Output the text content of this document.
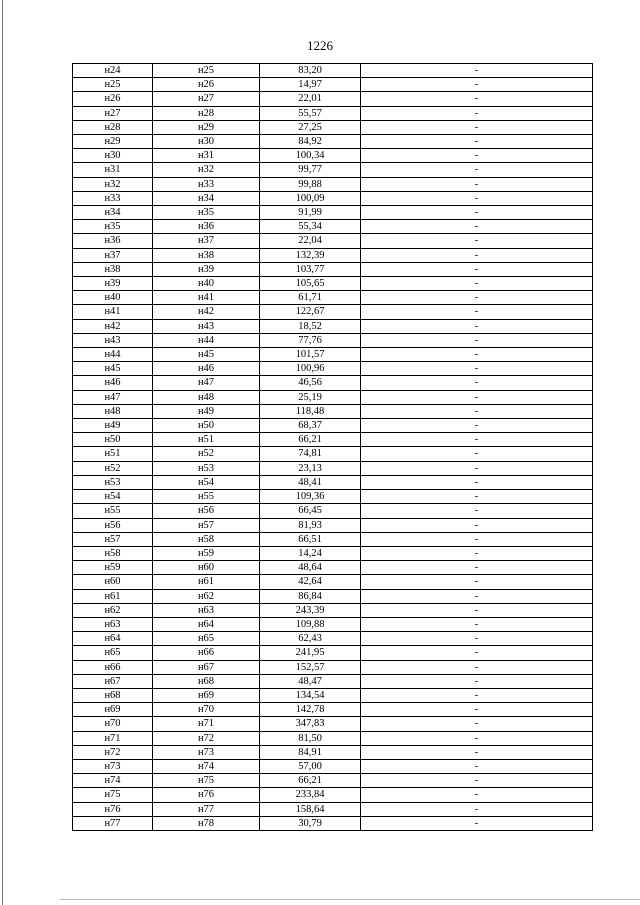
1226
н24	н25	83,20	-
н25	н26	14,97	-
н26	н27	22,01	-
н27	н28	55,57	-
н28	н29	27,25	-
н29	н30	84,92	-
н30	н31	100,34	-
н31	н32	99,77	-
н32	н33	99,88	-
н33	н34	100,09	-
н34	н35	91,99	-
н35	н36	55,34	-
н36	н37	22,04	-
н37	н38	132,39	-
н38	н39	103,77	-
н39	н40	105,65	-
н40	н41	61,71	-
н41	н42	122,67	-
н42	н43	18,52	-
н43	н44	77,76	-
н44	н45	101,57	-
н45	н46	100,96	-
н46	н47	46,56	-
н47	н48	25,19	-
н48	н49	118,48	-
н49	н50	68,37	-
н50	н51	66,21	-
н51	н52	74,81	-
н52	н53	23,13	-
н53	н54	48,41	-
н54	н55	109,36	-
н55	н56	66,45	-
н56	н57	81,93	-
н57	н58	66,51	-
н58	н59	14,24	-
н59	н60	48,64	-
н60	н61	42,64	-
н61	н62	86,84	-
н62	н63	243,39	-
н63	н64	109,88	-
н64	н65	62,43	-
н65	н66	241,95	-
н66	н67	152,57	-
н67	н68	48,47	-
н68	н69	134,54	-
н69	н70	142,78	-
н70	н71	347,83	-
н71	н72	81,50	-
н72	н73	84,91	-
н73	н74	57,00	-
н74	н75	66,21	-
н75	н76	233,84	-
н76	н77	158,64	-
н77	н78	30,79	-
